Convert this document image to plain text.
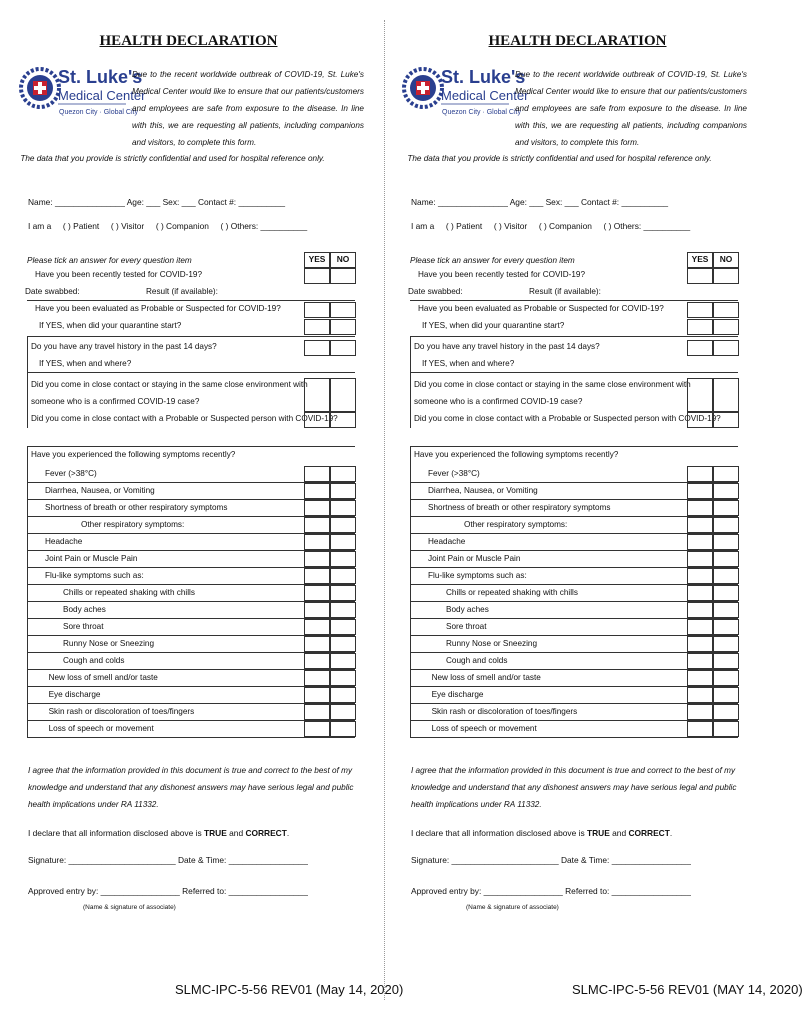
HEALTH DECLARATION
St. Luke's
Medical Center
Quezon City · Global City
Due to the recent worldwide outbreak of COVID-19, St. Luke's Medical Center would like to ensure that our patients/customers and employees are safe from exposure to the disease. In line with this, we are requesting all patients, including companions and visitors, to complete this form.
The data that you provide is strictly confidential and used for hospital reference only.
Name: _______________ Age: ___ Sex: ___ Contact #: __________
I am a     ( ) Patient     ( ) Visitor     ( ) Companion     ( ) Others: __________
Please tick an answer for every question item	YES	NO
Have you been recently tested for COVID-19?
Date swabbed:	Result (if available):
Have you been evaluated as Probable or Suspected for COVID-19?
If YES, when did your quarantine start?
Do you have any travel history in the past 14 days?
If YES, when and where?
Did you come in close contact or staying in the same close environment with
someone who is a confirmed COVID-19 case?
Did you come in close contact with a Probable or Suspected person with COVID-19?
Have you experienced the following symptoms recently?
Fever (>38°C)
Diarrhea, Nausea, or Vomiting
Shortness of breath or other respiratory symptoms
Other respiratory symptoms:
Headache
Joint Pain or Muscle Pain
Flu-like symptoms such as:
Chills or repeated shaking with chills
Body aches
Sore throat
Runny Nose or Sneezing
Cough and colds
New loss of smell and/or taste
Eye discharge
Skin rash or discoloration of toes/fingers
Loss of speech or movement
I agree that the information provided in this document is true and correct to the best of my knowledge and understand that any dishonest answers may have serious legal and public health implications under RA 11332.
I declare that all information disclosed above is TRUE and CORRECT.
Signature: _______________________ Date & Time: _________________
Approved entry by: _________________ Referred to: _________________
(Name & signature of associate)
SLMC-IPC-5-56 REV01 (May 14, 2020)
HEALTH DECLARATION
St. Luke's
Medical Center
Quezon City · Global City
Due to the recent worldwide outbreak of COVID-19, St. Luke's Medical Center would like to ensure that our patients/customers and employees are safe from exposure to the disease. In line with this, we are requesting all patients, including companions and visitors, to complete this form.
The data that you provide is strictly confidential and used for hospital reference only.
Name: _______________ Age: ___ Sex: ___ Contact #: __________
I am a     ( ) Patient     ( ) Visitor     ( ) Companion     ( ) Others: __________
Please tick an answer for every question item	YES	NO
Have you been recently tested for COVID-19?
Date swabbed:	Result (if available):
Have you been evaluated as Probable or Suspected for COVID-19?
If YES, when did your quarantine start?
Do you have any travel history in the past 14 days?
If YES, when and where?
Did you come in close contact or staying in the same close environment with
someone who is a confirmed COVID-19 case?
Did you come in close contact with a Probable or Suspected person with COVID-19?
Have you experienced the following symptoms recently?
Fever (>38°C)
Diarrhea, Nausea, or Vomiting
Shortness of breath or other respiratory symptoms
Other respiratory symptoms:
Headache
Joint Pain or Muscle Pain
Flu-like symptoms such as:
Chills or repeated shaking with chills
Body aches
Sore throat
Runny Nose or Sneezing
Cough and colds
New loss of smell and/or taste
Eye discharge
Skin rash or discoloration of toes/fingers
Loss of speech or movement
I agree that the information provided in this document is true and correct to the best of my knowledge and understand that any dishonest answers may have serious legal and public health implications under RA 11332.
I declare that all information disclosed above is TRUE and CORRECT.
Signature: _______________________ Date & Time: _________________
Approved entry by: _________________ Referred to: _________________
(Name & signature of associate)
SLMC-IPC-5-56 REV01 (MAY 14, 2020)
